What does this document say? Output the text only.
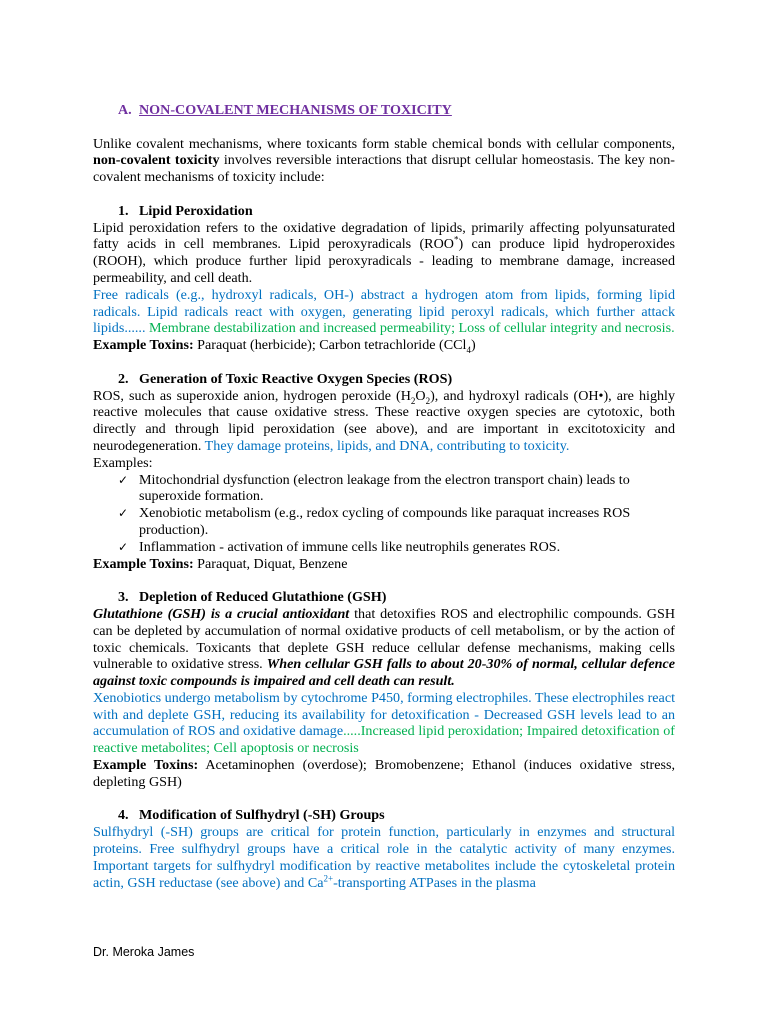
A. NON-COVALENT MECHANISMS OF TOXICITY

Unlike covalent mechanisms, where toxicants form stable chemical bonds with cellular components, non-covalent toxicity involves reversible interactions that disrupt cellular homeostasis. The key non-covalent mechanisms of toxicity include:

1. Lipid Peroxidation

Lipid peroxidation refers to the oxidative degradation of lipids, primarily affecting polyunsaturated fatty acids in cell membranes. Lipid peroxyradicals (ROO*) can produce lipid hydroperoxides (ROOH), which produce further lipid peroxyradicals - leading to membrane damage, increased permeability, and cell death.

Free radicals (e.g., hydroxyl radicals, OH-) abstract a hydrogen atom from lipids, forming lipid radicals. Lipid radicals react with oxygen, generating lipid peroxyl radicals, which further attack lipids...... Membrane destabilization and increased permeability; Loss of cellular integrity and necrosis.

Example Toxins: Paraquat (herbicide); Carbon tetrachloride (CCl$_4$)

2. Generation of Toxic Reactive Oxygen Species (ROS)

ROS, such as superoxide anion, hydrogen peroxide $(H_2O_2)$, and hydroxyl radicals (OH•), are highly reactive molecules that cause oxidative stress. These reactive oxygen species are cytotoxic, both directly and through lipid peroxidation (see above), and are important in excitotoxicity and neurodegeneration. They damage proteins, lipids, and DNA, contributing to toxicity.

Examples:

✓ Mitochondrial dysfunction (electron leakage from the electron transport chain) leads to superoxide formation.
✓ Xenobiotic metabolism (e.g., redox cycling of compounds like paraquat increases ROS production).
✓ Inflammation - activation of immune cells like neutrophils generates ROS.

Example Toxins: Paraquat, Diquat, Benzene

3. Depletion of Reduced Glutathione (GSH)

Glutathione (GSH) is a crucial antioxidant that detoxifies ROS and electrophilic compounds. GSH can be depleted by accumulation of normal oxidative products of cell metabolism, or by the action of toxic chemicals. Toxicants that deplete GSH reduce cellular defense mechanisms, making cells vulnerable to oxidative stress. When cellular GSH falls to about 20-30% of normal, cellular defence against toxic compounds is impaired and cell death can result.

Xenobiotics undergo metabolism by cytochrome P450, forming electrophiles. These electrophiles react with and deplete GSH, reducing its availability for detoxification - Decreased GSH levels lead to an accumulation of ROS and oxidative damage.....Increased lipid peroxidation; Impaired detoxification of reactive metabolites; Cell apoptosis or necrosis

Example Toxins: Acetaminophen (overdose); Bromobenzene; Ethanol (induces oxidative stress, depleting GSH)

4. Modification of Sulfhydryl (-SH) Groups

Sulfhydryl (-SH) groups are critical for protein function, particularly in enzymes and structural proteins. Free sulfhydryl groups have a critical role in the catalytic activity of many enzymes. Important targets for sulfhydryl modification by reactive metabolites include the cytoskeletal protein actin, GSH reductase (see above) and $Ca^{2+}$-transporting ATPases in the plasma

Dr. Meroka James
